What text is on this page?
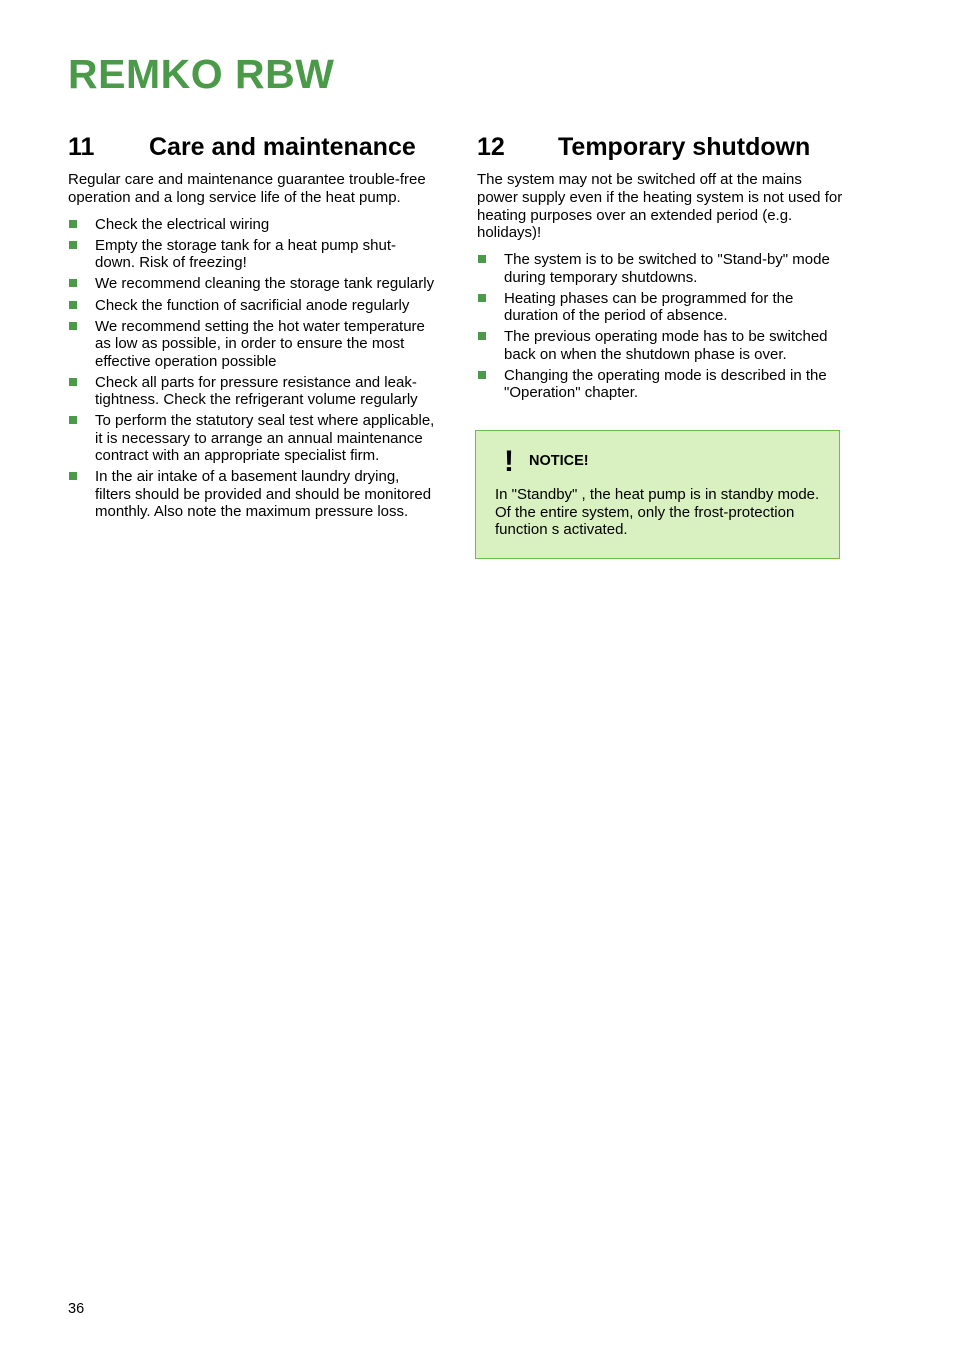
REMKO RBW
11	Care and maintenance

Regular care and maintenance guarantee trouble-free operation and a long service life of the heat pump.

Check the electrical wiring
Empty the storage tank for a heat pump shut-down. Risk of freezing!
We recommend cleaning the storage tank regularly
Check the function of sacrificial anode regularly
We recommend setting the hot water temperature as low as possible, in order to ensure the most effective operation possible
Check all parts for pressure resistance and leak-tightness. Check the refrigerant volume regularly
To perform the statutory seal test where applicable, it is necessary to arrange an annual maintenance contract with an appropriate specialist firm.
In the air intake of a basement laundry drying, filters should be provided and should be monitored monthly. Also note the maximum pressure loss.
12	Temporary shutdown

The system may not be switched off at the mains power supply even if the heating system is not used for heating purposes over an extended period (e.g. holidays)!

The system is to be switched to "Stand-by" mode during temporary shutdowns.
Heating phases can be programmed for the duration of the period of absence.
The previous operating mode has to be switched back on when the shutdown phase is over.
Changing the operating mode is described in the "Operation" chapter.
! NOTICE!
In "Standby" , the heat pump is in standby mode. Of the entire system, only the frost-protection function s activated.
36
